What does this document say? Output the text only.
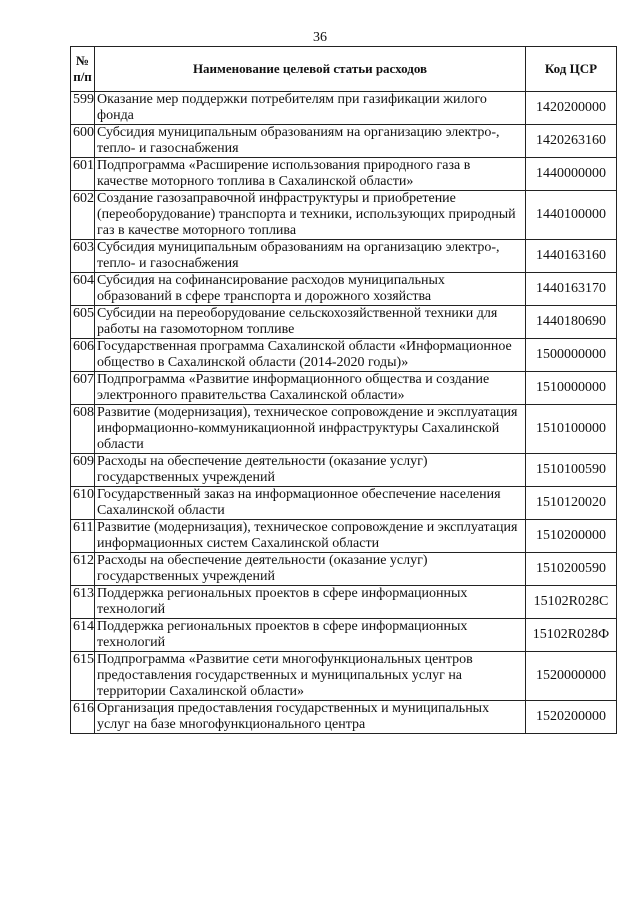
36
№ п/п	Наименование целевой статьи расходов	Код ЦСР
599	Оказание мер поддержки потребителям при газификации жилого фонда	1420200000
600	Субсидия муниципальным образованиям на организацию электро-, тепло- и газоснабжения	1420263160
601	Подпрограмма «Расширение использования природного газа в качестве моторного топлива в Сахалинской области»	1440000000
602	Создание газозаправочной инфраструктуры и приобретение (переоборудование) транспорта и техники, использующих природный газ в качестве моторного топлива	1440100000
603	Субсидия муниципальным образованиям на организацию электро-, тепло- и газоснабжения	1440163160
604	Субсидия на софинансирование расходов муниципальных образований в сфере транспорта и дорожного хозяйства	1440163170
605	Субсидии на переоборудование сельскохозяйственной техники для работы на газомоторном топливе	1440180690
606	Государственная программа Сахалинской области «Информационное общество в Сахалинской области (2014-2020 годы)»	1500000000
607	Подпрограмма «Развитие информационного общества и создание электронного правительства Сахалинской области»	1510000000
608	Развитие (модернизация), техническое сопровождение и эксплуатация информационно-коммуникационной инфраструктуры Сахалинской области	1510100000
609	Расходы на обеспечение деятельности (оказание услуг) государственных учреждений	1510100590
610	Государственный заказ на информационное обеспечение населения Сахалинской области	1510120020
611	Развитие (модернизация), техническое сопровождение и эксплуатация информационных систем Сахалинской области	1510200000
612	Расходы на обеспечение деятельности (оказание услуг) государственных учреждений	1510200590
613	Поддержка региональных проектов в сфере информационных технологий	15102R028C
614	Поддержка региональных проектов в сфере информационных технологий	15102R028Ф
615	Подпрограмма «Развитие сети многофункциональных центров предоставления государственных и муниципальных услуг на территории Сахалинской области»	1520000000
616	Организация предоставления государственных и муниципальных услуг на базе многофункционального центра	1520200000
